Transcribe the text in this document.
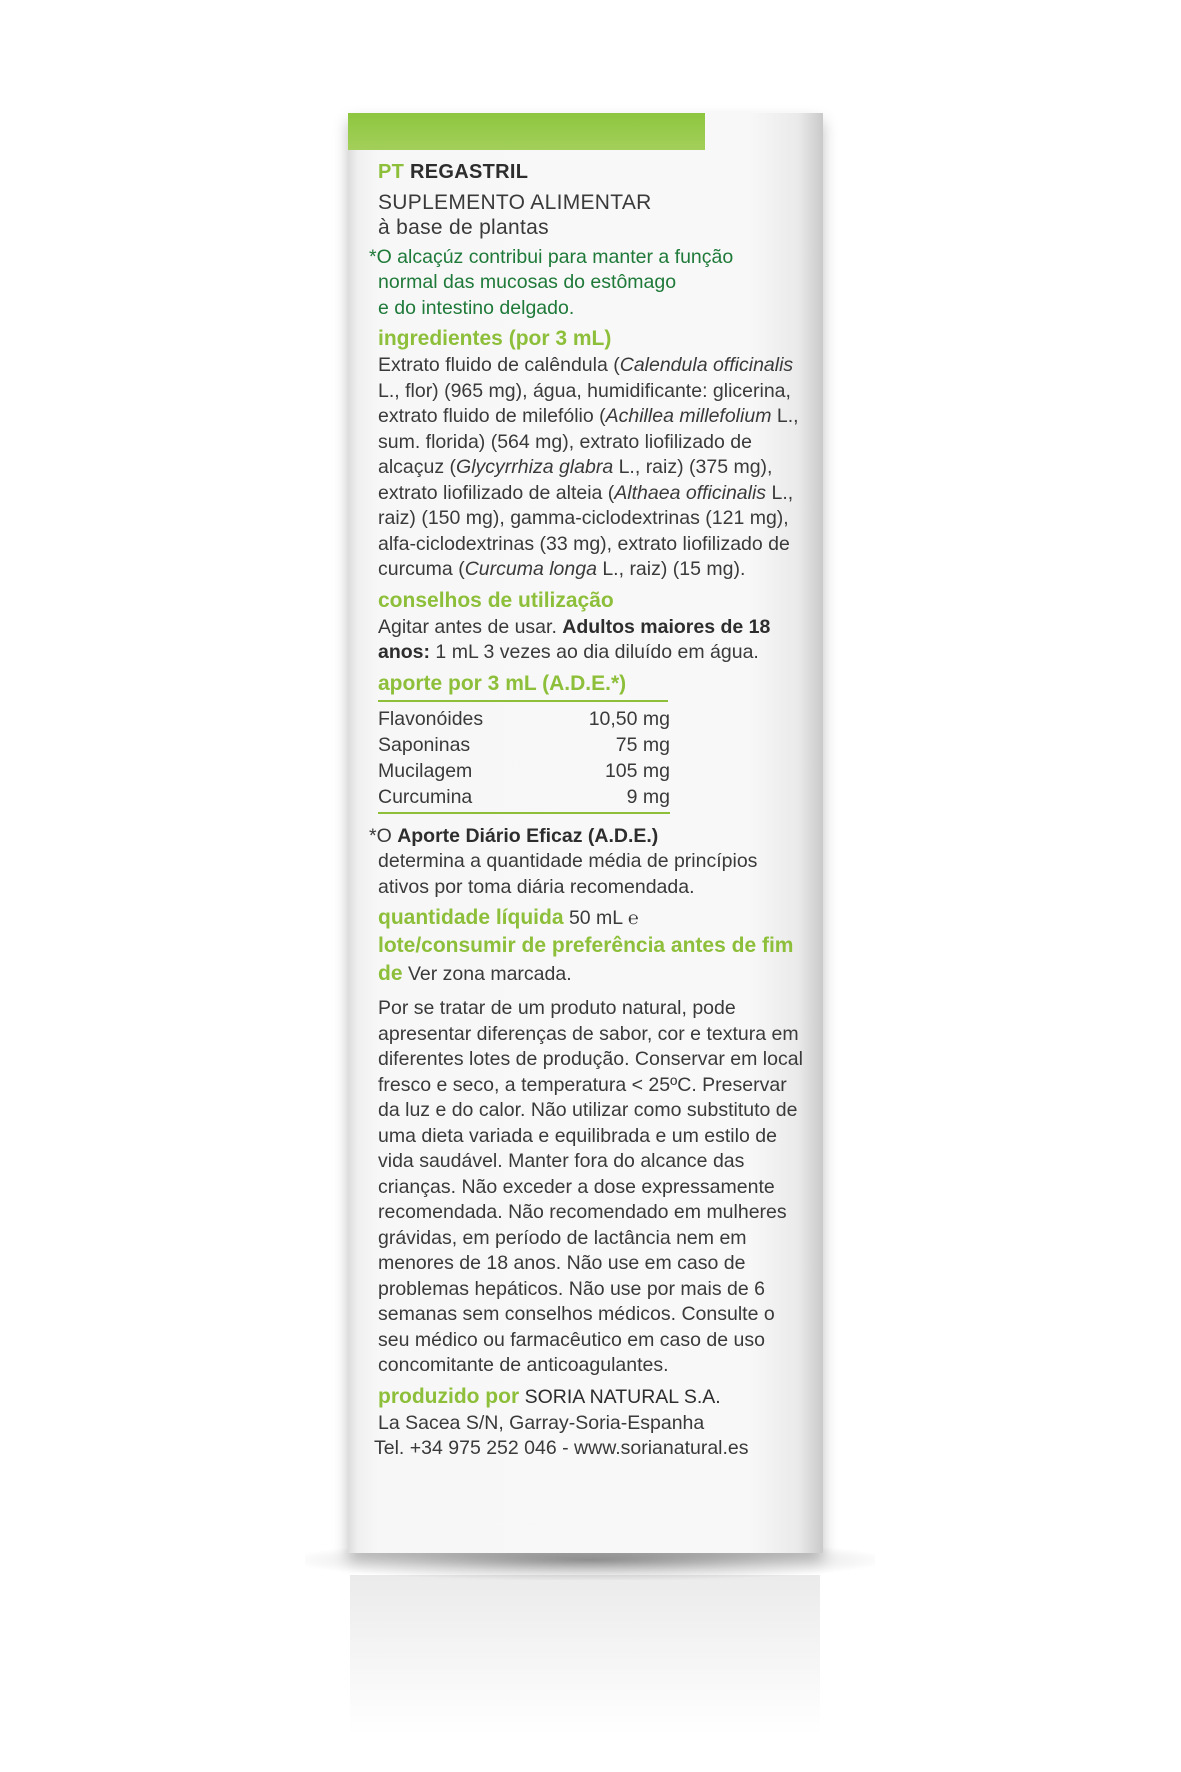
PT REGASTRIL

SUPLEMENTO ALIMENTAR

à base de plantas

*O alcaçúz contribui para manter a função
normal das mucosas do estômago
e do intestino delgado.

ingredientes (por 3 mL)

Extrato fluido de calêndula (Calendula officinalis L., flor) (965 mg), água, humidificante: glicerina, extrato fluido de milefólio (Achillea millefolium L., sum. florida) (564 mg), extrato liofilizado de alcaçuz (Glycyrrhiza glabra L., raiz) (375 mg), extrato liofilizado de alteia (Althaea officinalis L., raiz) (150 mg), gamma-ciclodextrinas (121 mg), alfa-ciclodextrinas (33 mg), extrato liofilizado de curcuma (Curcuma longa L., raiz) (15 mg).

conselhos de utilização

Agitar antes de usar. Adultos maiores de 18 anos: 1 mL 3 vezes ao dia diluído em água.

aporte por 3 mL (A.D.E.*)
Flavonóides	10,50 mg
Saponinas	75 mg
Mucilagem	105 mg
Curcumina	9 mg
*O Aporte Diário Eficaz (A.D.E.)
determina a quantidade média de princípios ativos por toma diária recomendada.

quantidade líquida 50 mL ℮

lote/consumir de preferência antes de fim de Ver zona marcada.

Por se tratar de um produto natural, pode apresentar diferenças de sabor, cor e textura em diferentes lotes de produção. Conservar em local fresco e seco, a temperatura < 25ºC. Preservar da luz e do calor. Não utilizar como substituto de uma dieta variada e equilibrada e um estilo de vida saudável. Manter fora do alcance das crianças. Não exceder a dose expressamente recomendada. Não recomendado em mulheres grávidas, em período de lactância nem em menores de 18 anos. Não use em caso de problemas hepáticos. Não use por mais de 6 semanas sem conselhos médicos. Consulte o seu médico ou farmacêutico em caso de uso concomitante de anticoagulantes.

produzido por SORIA NATURAL S.A.

La Sacea S/N, Garray-Soria-Espanha

Tel. +34 975 252 046 - www.sorianatural.es
